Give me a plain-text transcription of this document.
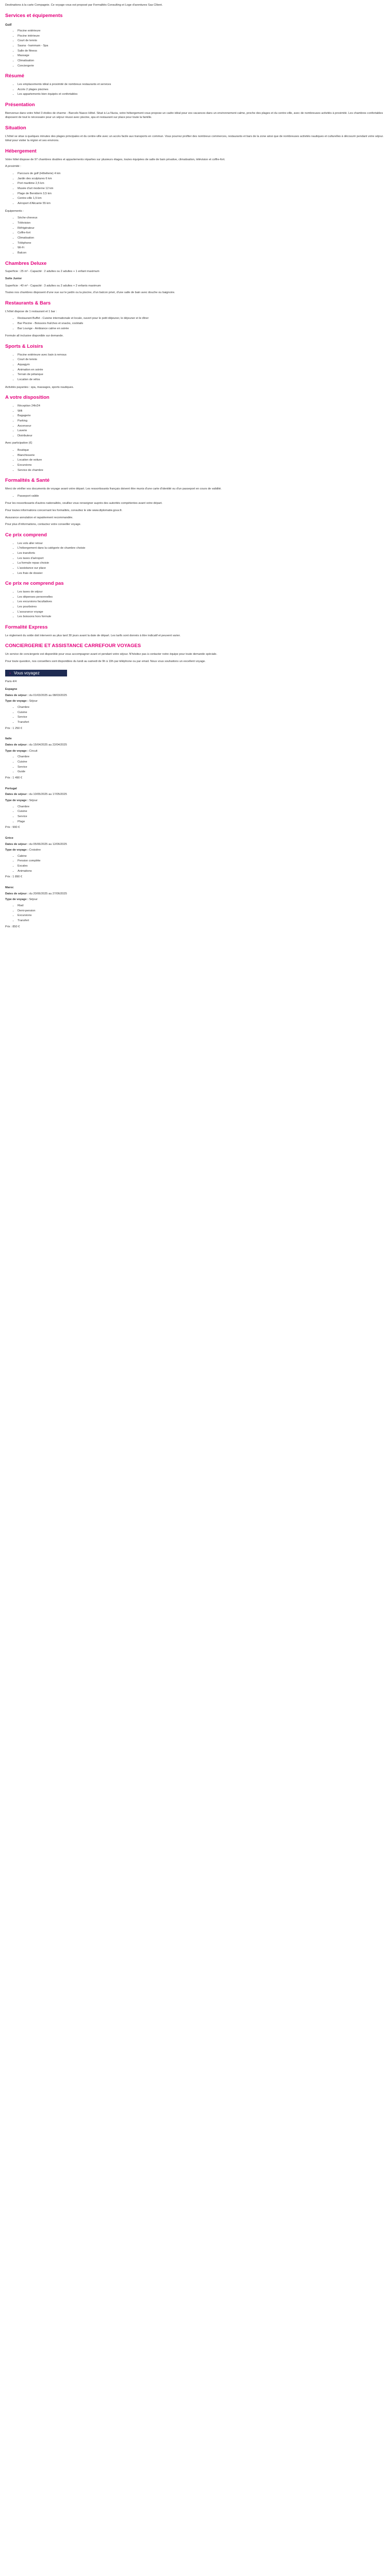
Destinations à la carte Compagnie. Ce voyage vous est proposé par Formalités Consulting et Loge d'aventures Sas Cllient.

Services et équipements
Golf
• Piscine extérieure
• Piscine intérieure
• Court de tennis
• Sauna - hammam - Spa
• Salle de fitness
• Massage
• Climatisation
• Conciergerie
Résumé
• Les emplacements idéal à proximité de nombreux restaurants et services
• Accès 2 plages piscines
• Les appartements bien équipés et confortables
Présentation

Bienvenue dans votre hôtel 3 étoiles de charme - Barcelo Nasco Hôtel. Situé à La Nucia, votre hébergement vous propose un cadre idéal pour vos vacances dans un environnement calme, proche des plages et du centre-ville, avec de nombreuses activités à proximité. Les chambres confortables disposent de tout le nécessaire pour un séjour réussi avec piscine, spa et restaurant sur place pour toute la famille.

Situation

L'hôtel se situe à quelques minutes des plages principales et du centre-ville avec un accès facile aux transports en commun. Vous pourrez profiter des nombreux commerces, restaurants et bars de la zone ainsi que de nombreuses activités nautiques et culturelles à découvrir pendant votre séjour. Idéal pour visiter la région et ses environs.

Hébergement

Votre hôtel dispose de 97 chambres doubles et appartements réparties sur plusieurs étages, toutes équipées de salle de bain privative, climatisation, télévision et coffre-fort.

A proximité :

• Parcours de golf (Hôtellerie) 4 km
• Jardin des sculptures 6 km
• Port maritime 2,5 km
• Musée d'art moderne 12 km
• Plage de Benidorm 3,5 km
• Centre-ville 1,5 km
• Aéroport d'Alicante 55 km

Équipements :

• Sèche-cheveux
• Télévision
• Réfrigérateur
• Coffre-fort
• Climatisation
• Téléphone
• Wi-Fi
• Balcon
Chambres Deluxe

Superficie : 25 m² - Capacité : 2 adultes ou 2 adultes + 1 enfant maximum

Suite Junior

Superficie : 40 m² - Capacité : 3 adultes ou 2 adultes + 2 enfants maximum

Toutes nos chambres disposent d'une vue sur le jardin ou la piscine, d'un balcon privé, d'une salle de bain avec douche ou baignoire.

Restaurants & Bars

L'hôtel dispose de 1 restaurant et 1 bar :

• Restaurant Buffet - Cuisine internationale et locale, ouvert pour le petit déjeuner, le déjeuner et le dîner
• Bar Piscine - Boissons fraîches et snacks, cocktails
• Bar Lounge - Ambiance calme en soirée

Formule all inclusive disponible sur demande.

Sports & Loisirs
• Piscine extérieure avec bain à remous
• Court de tennis
• Aquagym
• Animation en soirée
• Terrain de pétanque
• Location de vélos

Activités payantes : spa, massages, sports nautiques.

A votre disposition
• Réception 24h/24
• Wifi
• Bagagerie
• Parking
• Ascenseur
• Laverie
• Distributeur

Avec participation (€)

• Boutique
• Blanchisserie
• Location de voiture
• Excursions
• Service de chambre
Formalités & Santé

Merci de vérifier vos documents de voyage avant votre départ. Les ressortissants français doivent être munis d'une carte d'identité ou d'un passeport en cours de validité.

• Passeport valide

Pour les ressortissants d'autres nationalités, veuillez vous renseigner auprès des autorités compétentes avant votre départ.

Pour toutes informations concernant les formalités, consultez le site www.diplomatie.gouv.fr.

Assurance annulation et rapatriement recommandée.

Pour plus d'informations, contactez votre conseiller voyage.

Ce prix comprend
• Les vols aller retour
• L'hébergement dans la catégorie de chambre choisie
• Les transferts
• Les taxes d'aéroport
• La formule repas choisie
• L'assistance sur place
• Les frais de dossier
Ce prix ne comprend pas
• Les taxes de séjour
• Les dépenses personnelles
• Les excursions facultatives
• Les pourboires
• L'assurance voyage
• Les boissons hors formule
Formalité Express

Le règlement du solde doit intervenir au plus tard 30 jours avant la date de départ. Les tarifs sont donnés à titre indicatif et peuvent varier.

CONCIERGERIE ET ASSISTANCE CARREFOUR VOYAGES

Un service de conciergerie est disponible pour vous accompagner avant et pendant votre séjour. N'hésitez pas à contacter notre équipe pour toute demande spéciale.

Pour toute question, nos conseillers sont disponibles du lundi au samedi de 9h à 19h par téléphone ou par email. Nous vous souhaitons un excellent voyage.

› Vous voyagez

Paris 4/4

Espagne

Dates de séjour : du 01/03/2025 au 08/03/2025

Type de voyage : Séjour

• Chambre
• Cuisine
• Service
• Transfert

Prix : 1 250 €

Italie

Dates de séjour : du 15/04/2025 au 22/04/2025

Type de voyage : Circuit

• Chambre
• Cuisine
• Service
• Guide

Prix : 1 490 €

Portugal

Dates de séjour : du 10/05/2025 au 17/05/2025

Type de voyage : Séjour

• Chambre
• Cuisine
• Service
• Plage

Prix : 990 €

Grèce

Dates de séjour : du 05/06/2025 au 12/06/2025

Type de voyage : Croisière

• Cabine
• Pension complète
• Escales
• Animations

Prix : 1 890 €

Maroc

Dates de séjour : du 20/06/2025 au 27/06/2025

Type de voyage : Séjour

• Riad
• Demi-pension
• Excursions
• Transfert

Prix : 850 €
